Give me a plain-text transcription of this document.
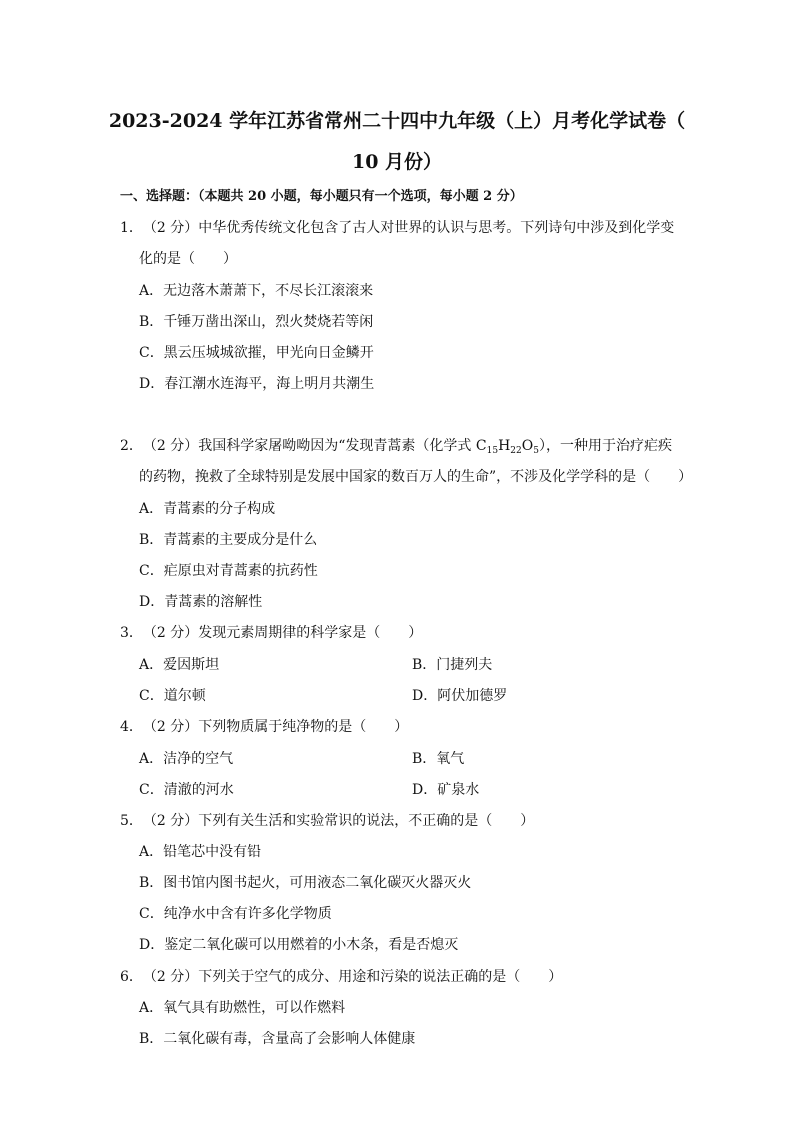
2023-2024 学年江苏省常州二十四中九年级（上）月考化学试卷（
10 月份）
一、选择题：（本题共 20 小题，每小题只有一个选项，每小题 2 分）
1．（2 分）中华优秀传统文化包含了古人对世界的认识与思考。下列诗句中涉及到化学变
化的是（　　）
A．无边落木萧萧下，不尽长江滚滚来
B．千锤万凿出深山，烈火焚烧若等闲
C．黑云压城城欲摧，甲光向日金鳞开
D．春江潮水连海平，海上明月共潮生
2．（2 分）我国科学家屠呦呦因为“发现青蒿素（化学式 $C_{15}H_{22}O_5$），一种用于治疗疟疾
的药物，挽救了全球特别是发展中国家的数百万人的生命”，不涉及化学学科的是（　　）
A．青蒿素的分子构成
B．青蒿素的主要成分是什么
C．疟原虫对青蒿素的抗药性
D．青蒿素的溶解性
3．（2 分）发现元素周期律的科学家是（　　）
A．爱因斯坦	B．门捷列夫
C．道尔顿	D．阿伏加德罗
4．（2 分）下列物质属于纯净物的是（　　）
A．洁净的空气	B．氧气
C．清澈的河水	D．矿泉水
5．（2 分）下列有关生活和实验常识的说法，不正确的是（　　）
A．铅笔芯中没有铅
B．图书馆内图书起火，可用液态二氧化碳灭火器灭火
C．纯净水中含有许多化学物质
D．鉴定二氧化碳可以用燃着的小木条，看是否熄灭
6．（2 分）下列关于空气的成分、用途和污染的说法正确的是（　　）
A．氧气具有助燃性，可以作燃料
B．二氧化碳有毒，含量高了会影响人体健康
